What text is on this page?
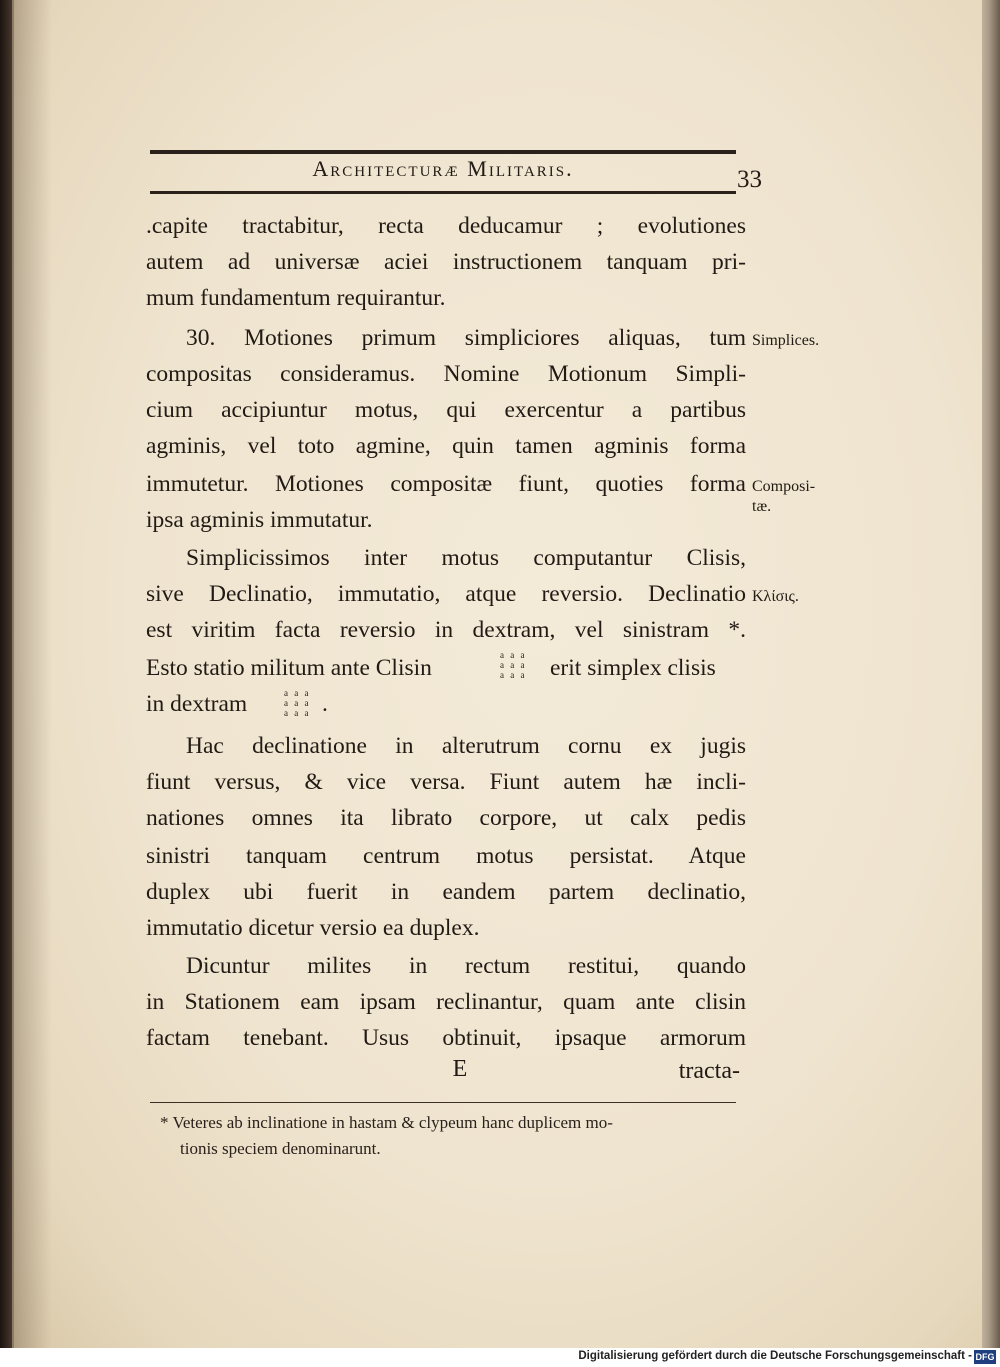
Architecturæ Militaris.	33
.capite tractabitur, recta deducamur ; evolutiones
autem ad universæ aciei instructionem tanquam pri-
mum fundamentum requirantur.
30. Motiones primum simpliciores aliquas, tum
compositas consideramus. Nomine Motionum Simpli-
cium accipiuntur motus, qui exercentur a partibus
agminis, vel toto agmine, quin tamen agminis forma
immutetur. Motiones compositæ fiunt, quoties forma
ipsa agminis immutatur.
Simplicissimos inter motus computantur Clisis,
sive Declinatio, immutatio, atque reversio. Declinatio
est viritim facta reversio in dextram, vel sinistram *.
Esto statio militum ante Clisin	a a a
a a a
a a a erit simplex clisis
in dextram	a a a
a a a
a a a .
Hac declinatione in alterutrum cornu ex jugis
fiunt versus, & vice versa. Fiunt autem hæ incli-
nationes omnes ita librato corpore, ut calx pedis
sinistri tanquam centrum motus persistat. Atque
duplex ubi fuerit in eandem partem declinatio,
immutatio dicetur versio ea duplex.
Dicuntur milites in rectum restitui, quando
in Stationem eam ipsam reclinantur, quam ante clisin
factam tenebant. Usus obtinuit, ipsaque armorum
Simplices.
Composi-
tæ.
Κλίσις.
E	tracta-
* Veteres ab inclinatione in hastam & clypeum hanc duplicem mo-
tionis speciem denominarunt.
Digitalisierung gefördert durch die Deutsche Forschungsgemeinschaft - DFG
